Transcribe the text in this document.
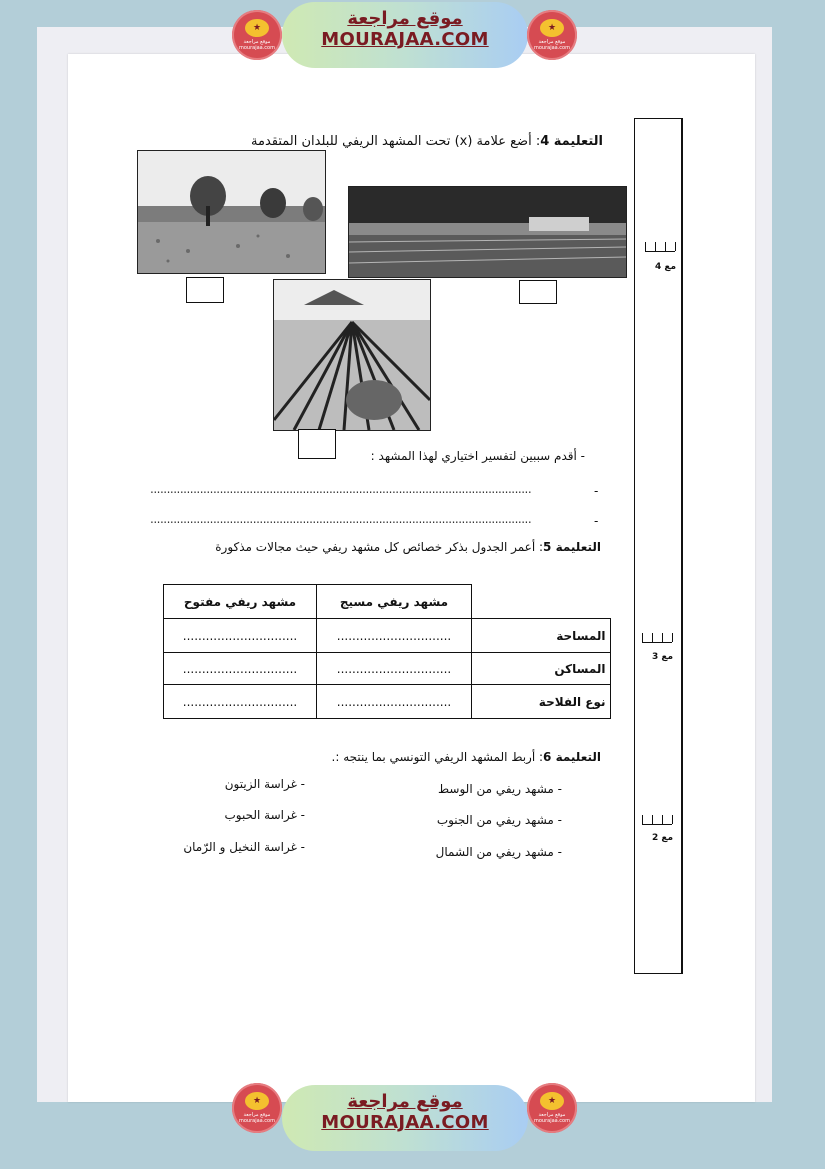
★
موقع مراجعة mourajaa.com
موقع مراجعة
MOURAJAA.COM
★
موقع مراجعة mourajaa.com
★
موقع مراجعة mourajaa.com
موقع مراجعة
MOURAJAA.COM
★
موقع مراجعة mourajaa.com
مع 4
مع 3
مع 2
التعليمة 4: أضع علامة (x) تحت المشهد الريفي للبلدان المتقدمة
- أقدم سببين لتفسير اختياري لهذا المشهد :
...................................................................................................................	-
...................................................................................................................	-
التعليمة 5: أعمر الجدول بذكر خصائص كل مشهد ريفي حيث مجالات مذكورة
	مشهد ريفي مسيج	مشهد ريفي مفتوح
المساحة	..............................	..............................
المساكن	..............................	..............................
نوع الفلاحة	..............................	..............................
التعليمة 6: أربط المشهد الريفي التونسي بما ينتجه :.
- مشهد ريفي من الوسط
- مشهد ريفي من الجنوب
- مشهد ريفي من الشمال
- غراسة الزيتون
- غراسة الحبوب
- غراسة النخيل و الرّمان
